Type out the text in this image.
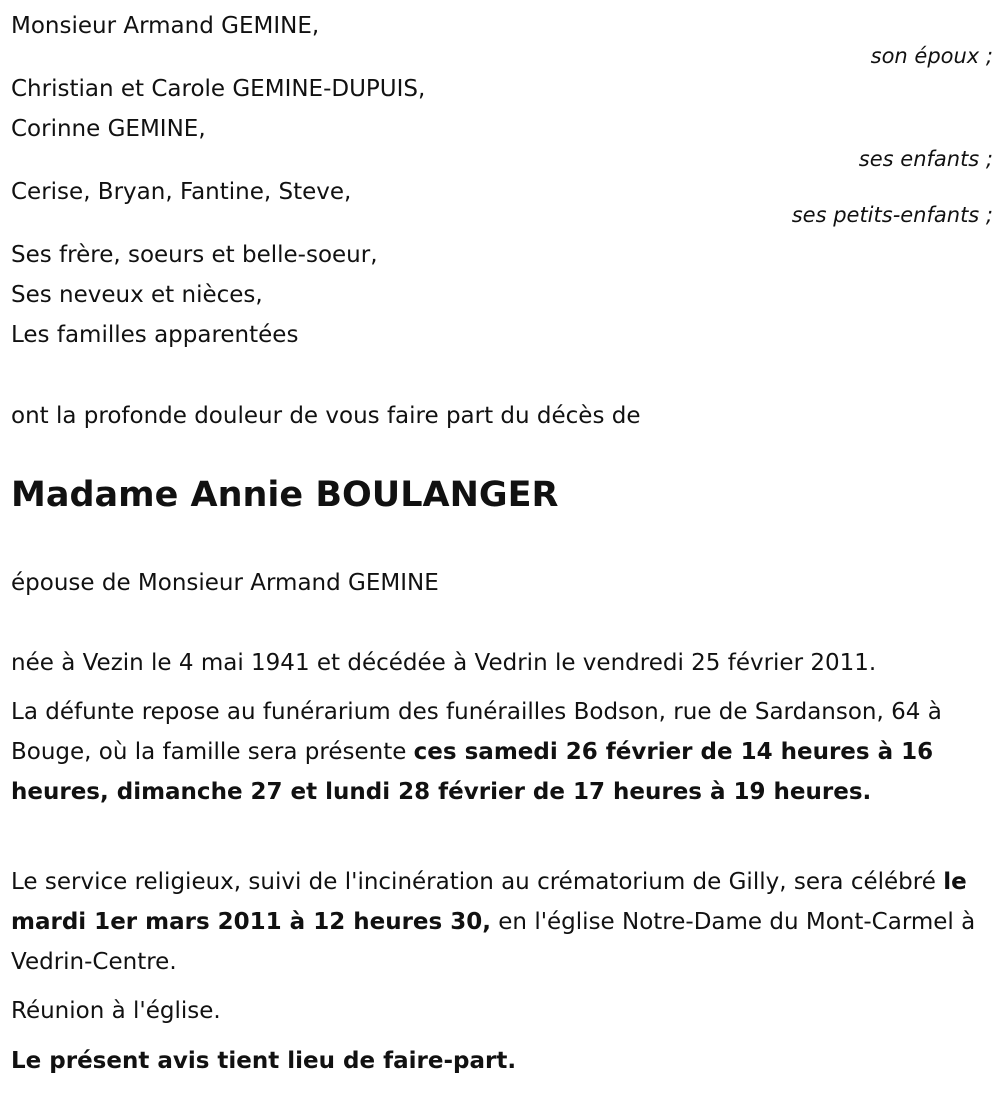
Monsieur Armand GEMINE,
son époux ;
Christian et Carole GEMINE-DUPUIS,
Corinne GEMINE,
ses enfants ;
Cerise, Bryan, Fantine, Steve,
ses petits-enfants ;
Ses frère, soeurs et belle-soeur,
Ses neveux et nièces,
Les familles apparentées
ont la profonde douleur de vous faire part du décès de
Madame Annie BOULANGER
épouse de Monsieur Armand GEMINE
née à Vezin le 4 mai 1941 et décédée à Vedrin le vendredi 25 février 2011.
La défunte repose au funérarium des funérailles Bodson, rue de Sardanson, 64 à Bouge, où la famille sera présente ces samedi 26 février de 14 heures à 16 heures, dimanche 27 et lundi 28 février de 17 heures à 19 heures.
Le service religieux, suivi de l'incinération au crématorium de Gilly, sera célébré le mardi 1er mars 2011 à 12 heures 30, en l'église Notre-Dame du Mont-Carmel à Vedrin-Centre.
Réunion à l'église.
Le présent avis tient lieu de faire-part.
